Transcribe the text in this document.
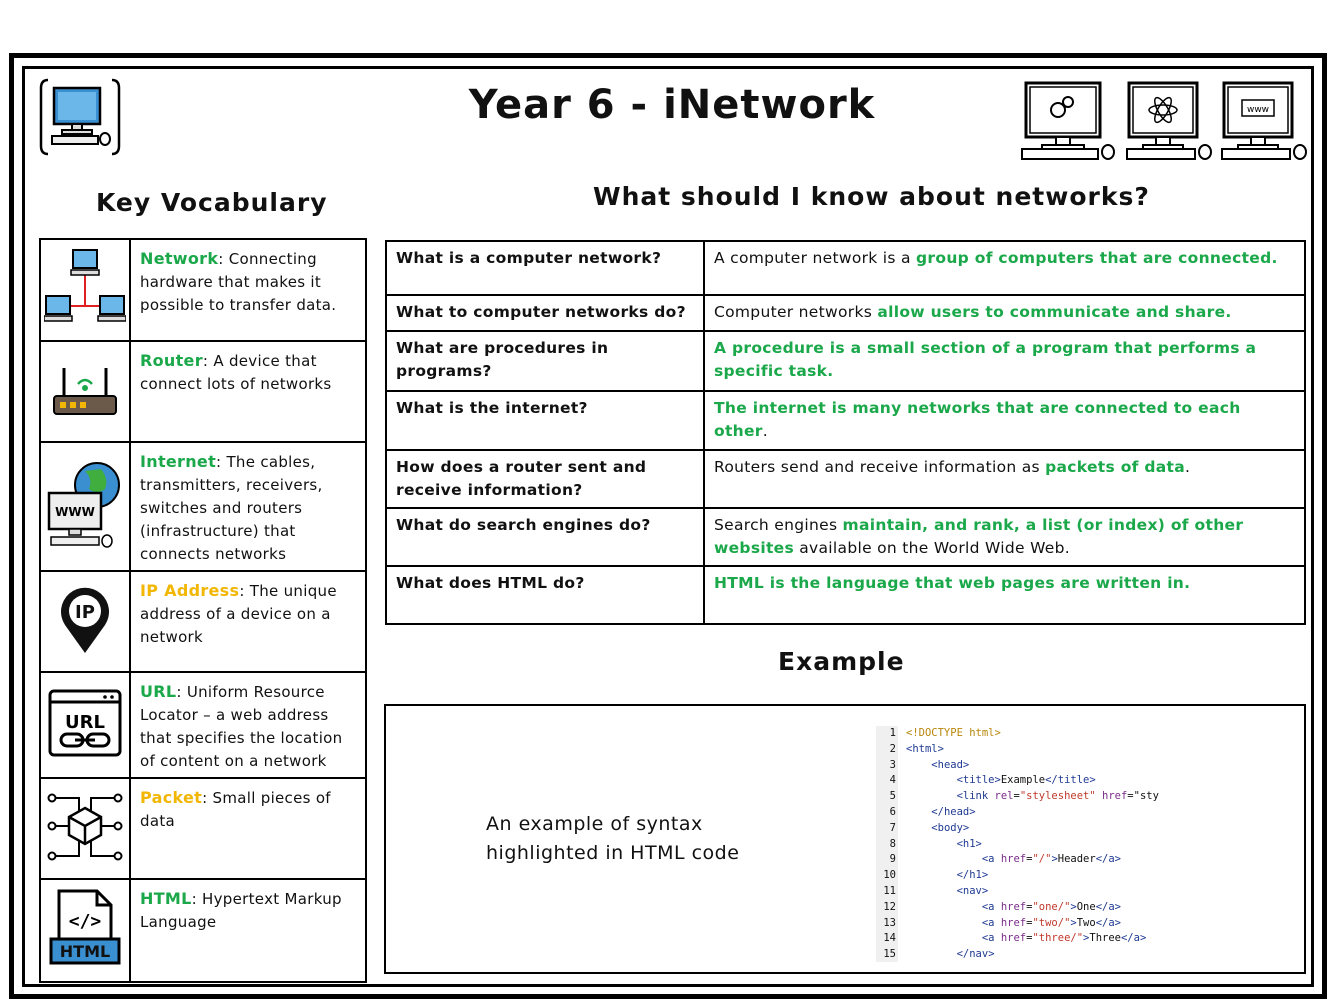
Year 6 - iNetwork	www
Key Vocabulary	What should I know about networks?
	Network: Connecting hardware that makes it possible to transfer data.
	Router: A device that connect lots of networks

WWW	Internet: The cables, transmitters, receivers, switches and routers (infrastructure) that connects networks

IP	IP Address: The unique address of a device on a network

URL	URL: Uniform Resource Locator – a web address that specifies the location of content on a network
	Packet: Small pieces of data

</>
HTML	HTML: Hypertext Markup Language
What is a computer network?	A computer network is a group of computers that are connected.
What to computer networks do?	Computer networks allow users to communicate and share.
What are procedures in programs?	A procedure is a small section of a program that performs a specific task.
What is the internet?	The internet is many networks that are connected to each other.
How does a router sent and receive information?	Routers send and receive information as packets of data.
What do search engines do?	Search engines maintain, and rank, a list (or index) of other websites available on the World Wide Web.
What does HTML do?	HTML is the language that web pages are written in.
Example
An example of syntax highlighted in HTML code
1 <!DOCTYPE html>
2 <html>
3	<head>
4	<title>Example</title>
5	<link rel="stylesheet" href="sty
6	</head>
7	<body>
8	<h1>
9	<a href="/">Header</a>
10	</h1>
11	<nav>
12	<a href="one/">One</a>
13	<a href="two/">Two</a>
14	<a href="three/">Three</a>
15	</nav>
